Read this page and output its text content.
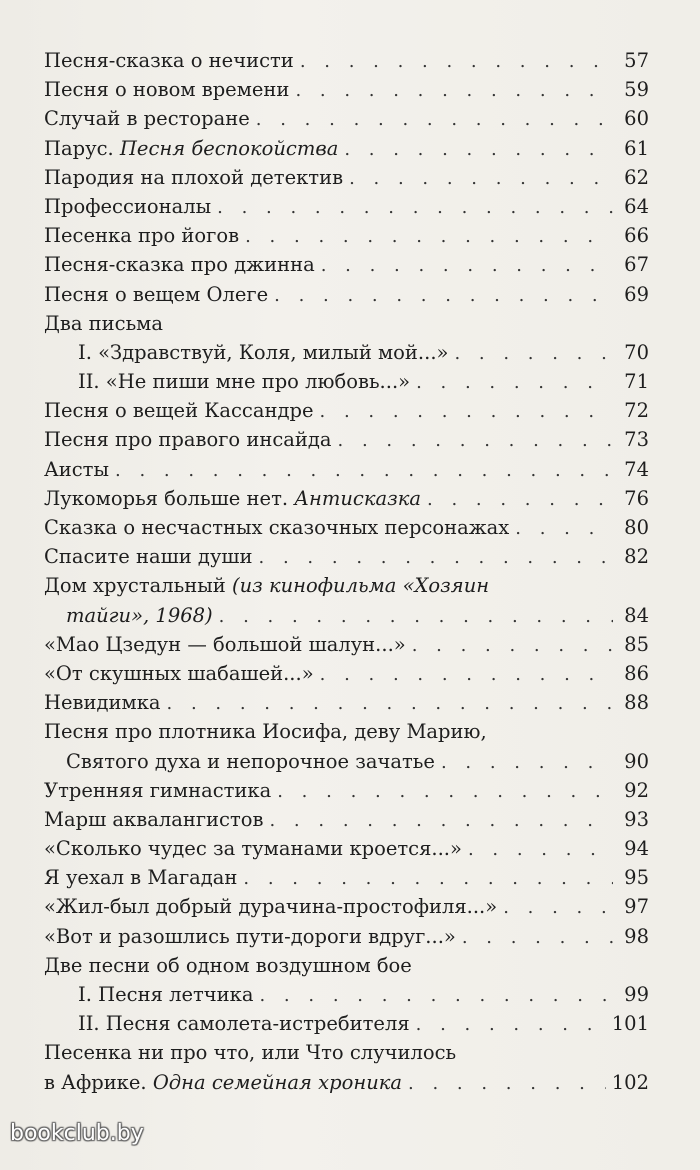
Песня-сказка о нечисти . . .	57
Песня о новом времени . . .	59
Случай в ресторане . . .	60
Парус. Песня беспокойства . . .	61
Пародия на плохой детектив . . .	62
Профессионалы . . .	64
Песенка про йогов . . .	66
Песня-сказка про джинна . . .	67
Песня о вещем Олеге . . .	69
Два письма
I. «Здравствуй, Коля, милый мой...» . . .	70
II. «Не пиши мне про любовь...» . . .	71
Песня о вещей Кассандре . . .	72
Песня про правого инсайда . . .	73
Аисты . . .	74
Лукоморья больше нет. Антисказка . . .	76
Сказка о несчастных сказочных персонажах . . .	80
Спасите наши души . . .	82
Дом хрустальный (из кинофильма «Хозяин
тайги», 1968) . . .	84
«Мао Цзедун — большой шалун...» . . .	85
«От скушных шабашей...» . . .	86
Невидимка . . .	88
Песня про плотника Иосифа, деву Марию,
Святого духа и непорочное зачатье . . .	90
Утренняя гимнастика . . .	92
Марш аквалангистов . . .	93
«Сколько чудес за туманами кроется...» . . .	94
Я уехал в Магадан . . .	95
«Жил-был добрый дурачина-простофиля...» . . .	97
«Вот и разошлись пути-дороги вдруг...» . . .	98
Две песни об одном воздушном бое
I. Песня летчика . . .	99
II. Песня самолета-истребителя . . .	101
Песенка ни про что, или Что случилось
в Африке. Одна семейная хроника . . .	102
bookclub.by
